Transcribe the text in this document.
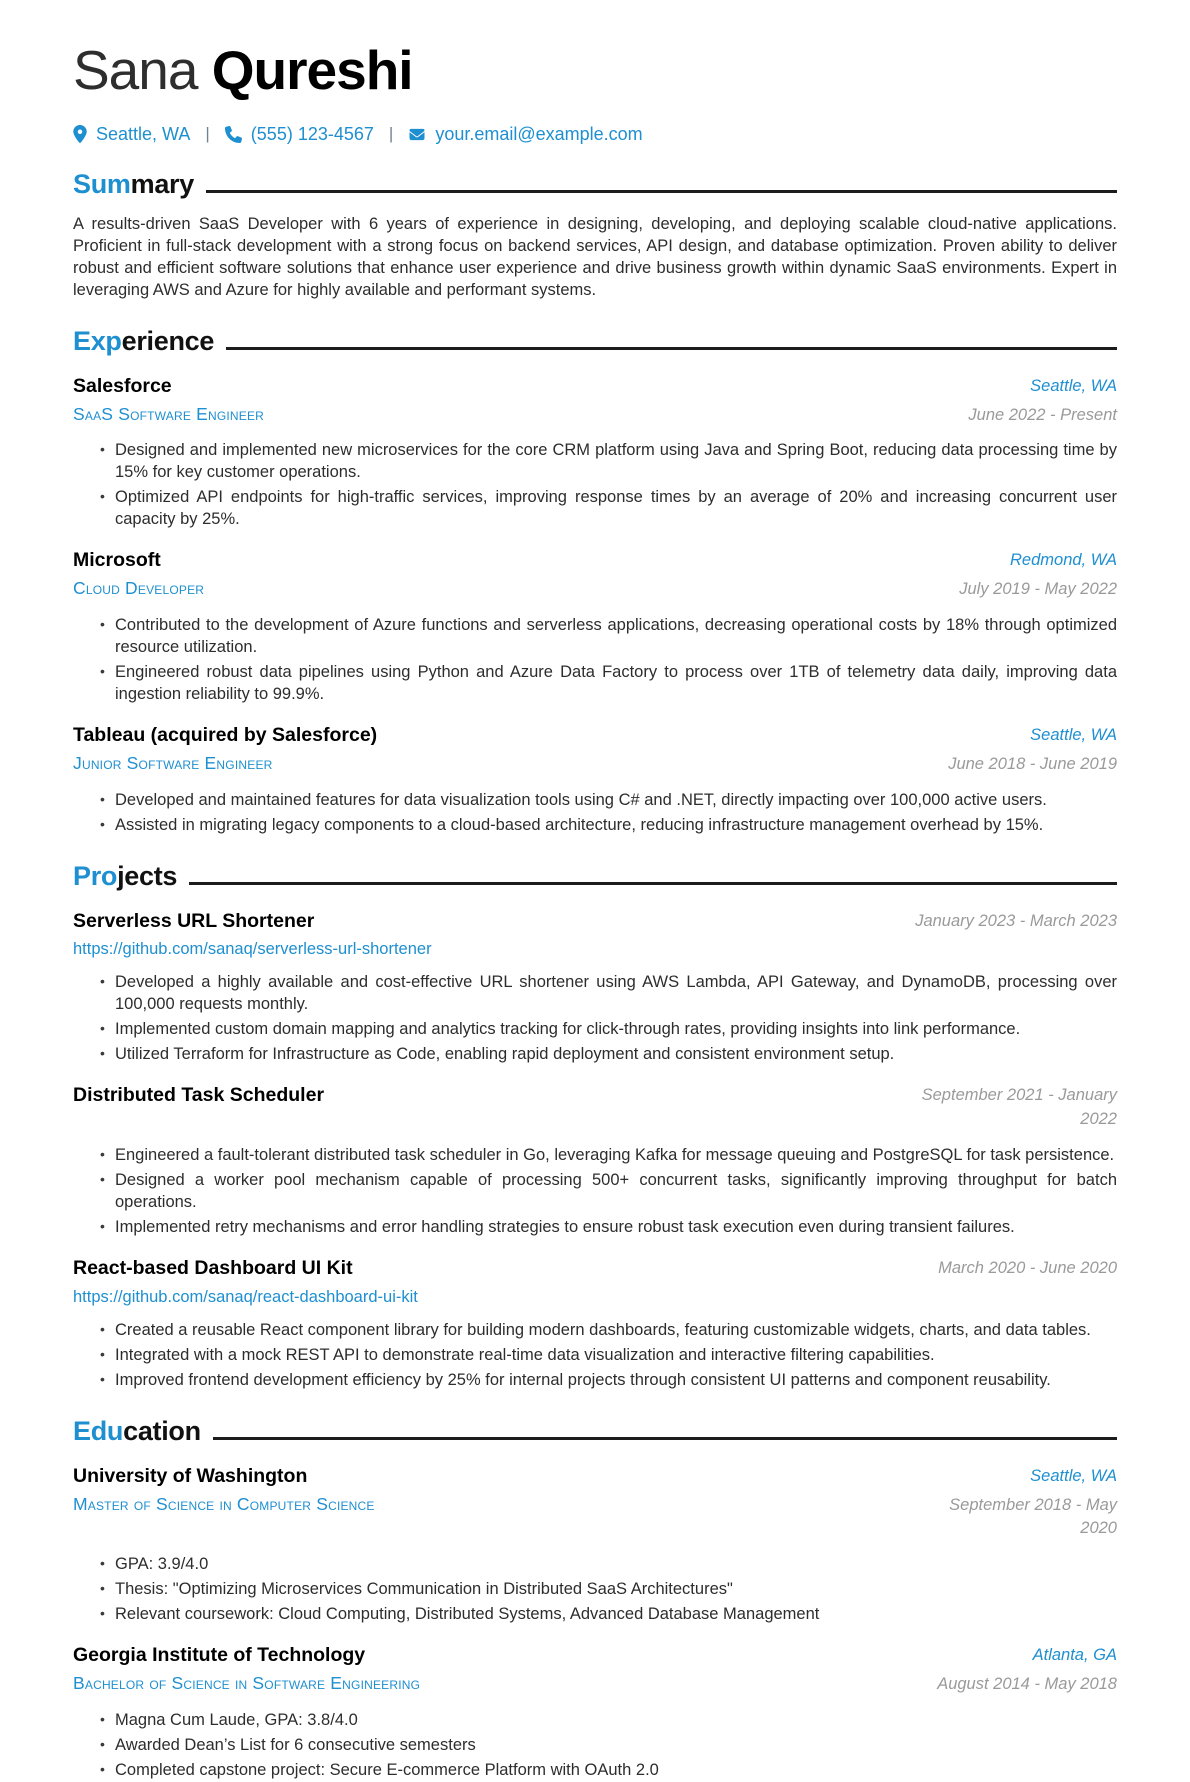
Sana Qureshi
Seattle, WA | (555) 123-4567 | your.email@example.com
Summary

A results-driven SaaS Developer with 6 years of experience in designing, developing, and deploying scalable cloud-native applications. Proficient in full-stack development with a strong focus on backend services, API design, and database optimization. Proven ability to deliver robust and efficient software solutions that enhance user experience and drive business growth within dynamic SaaS environments. Expert in leveraging AWS and Azure for highly available and performant systems.

Experience
Salesforce	Seattle, WA
SaaS Software Engineer	June 2022 - Present
• Designed and implemented new microservices for the core CRM platform using Java and Spring Boot, reducing data processing time by 15% for key customer operations.
• Optimized API endpoints for high-traffic services, improving response times by an average of 20% and increasing concurrent user capacity by 25%.
Microsoft	Redmond, WA
Cloud Developer	July 2019 - May 2022
• Contributed to the development of Azure functions and serverless applications, decreasing operational costs by 18% through optimized resource utilization.
• Engineered robust data pipelines using Python and Azure Data Factory to process over 1TB of telemetry data daily, improving data ingestion reliability to 99.9%.
Tableau (acquired by Salesforce)	Seattle, WA
Junior Software Engineer	June 2018 - June 2019
• Developed and maintained features for data visualization tools using C# and .NET, directly impacting over 100,000 active users.
• Assisted in migrating legacy components to a cloud-based architecture, reducing infrastructure management overhead by 15%.
Projects
Serverless URL Shortener	January 2023 - March 2023
https://github.com/sanaq/serverless-url-shortener
• Developed a highly available and cost-effective URL shortener using AWS Lambda, API Gateway, and DynamoDB, processing over 100,000 requests monthly.
• Implemented custom domain mapping and analytics tracking for click-through rates, providing insights into link performance.
• Utilized Terraform for Infrastructure as Code, enabling rapid deployment and consistent environment setup.
Distributed Task Scheduler	September 2021 - January 2022
• Engineered a fault-tolerant distributed task scheduler in Go, leveraging Kafka for message queuing and PostgreSQL for task persistence.
• Designed a worker pool mechanism capable of processing 500+ concurrent tasks, significantly improving throughput for batch operations.
• Implemented retry mechanisms and error handling strategies to ensure robust task execution even during transient failures.
React-based Dashboard UI Kit	March 2020 - June 2020
https://github.com/sanaq/react-dashboard-ui-kit
• Created a reusable React component library for building modern dashboards, featuring customizable widgets, charts, and data tables.
• Integrated with a mock REST API to demonstrate real-time data visualization and interactive filtering capabilities.
• Improved frontend development efficiency by 25% for internal projects through consistent UI patterns and component reusability.
Education
University of Washington	Seattle, WA
Master of Science in Computer Science	September 2018 - May 2020
• GPA: 3.9/4.0
• Thesis: "Optimizing Microservices Communication in Distributed SaaS Architectures"
• Relevant coursework: Cloud Computing, Distributed Systems, Advanced Database Management
Georgia Institute of Technology	Atlanta, GA
Bachelor of Science in Software Engineering	August 2014 - May 2018
• Magna Cum Laude, GPA: 3.8/4.0
• Awarded Dean’s List for 6 consecutive semesters
• Completed capstone project: Secure E-commerce Platform with OAuth 2.0
